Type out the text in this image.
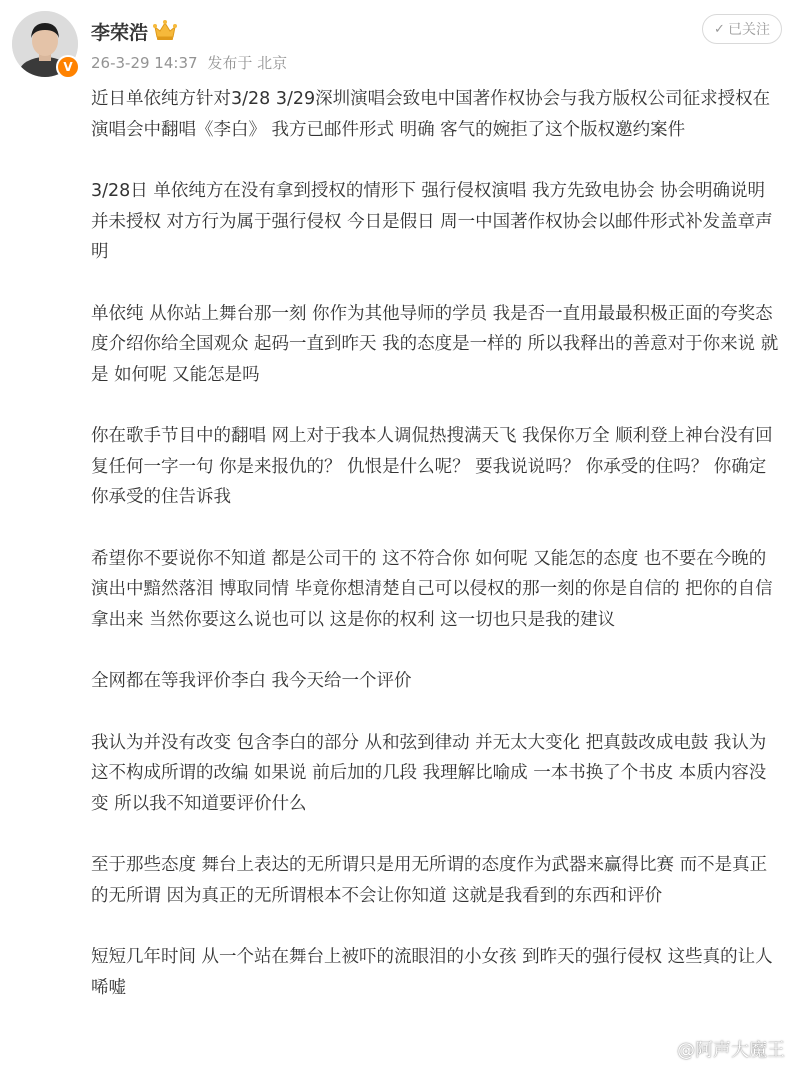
V
李荣浩
26-3-29 14:37 发布于 北京
✓ 已关注

近日单依纯方针对3/28 3/29深圳演唱会致电中国著作权协会与我方版权公司征求授权在演唱会中翻唱《李白》 我方已邮件形式 明确 客气的婉拒了这个版权邀约案件

3/28日 单依纯方在没有拿到授权的情形下 强行侵权演唱 我方先致电协会 协会明确说明 并未授权 对方行为属于强行侵权 今日是假日 周一中国著作权协会以邮件形式补发盖章声明

单依纯 从你站上舞台那一刻 你作为其他导师的学员 我是否一直用最最积极正面的夸奖态度介绍你给全国观众 起码一直到昨天 我的态度是一样的 所以我释出的善意对于你来说 就是 如何呢 又能怎是吗

你在歌手节目中的翻唱 网上对于我本人调侃热搜满天飞 我保你万全 顺利登上神台没有回复任何一字一句 你是来报仇的？ 仇恨是什么呢？ 要我说说吗？ 你承受的住吗？ 你确定你承受的住告诉我

希望你不要说你不知道 都是公司干的 这不符合你 如何呢 又能怎的态度 也不要在今晚的演出中黯然落泪 博取同情 毕竟你想清楚自己可以侵权的那一刻的你是自信的 把你的自信拿出来 当然你要这么说也可以 这是你的权利 这一切也只是我的建议

全网都在等我评价李白 我今天给一个评价

我认为并没有改变 包含李白的部分 从和弦到律动 并无太大变化 把真鼓改成电鼓 我认为这不构成所谓的改编 如果说 前后加的几段 我理解比喻成 一本书换了个书皮 本质内容没变 所以我不知道要评价什么

至于那些态度 舞台上表达的无所谓只是用无所谓的态度作为武器来赢得比赛 而不是真正的无所谓 因为真正的无所谓根本不会让你知道 这就是我看到的东西和评价

短短几年时间 从一个站在舞台上被吓的流眼泪的小女孩 到昨天的强行侵权 这些真的让人唏嘘

@阿声大魔王
